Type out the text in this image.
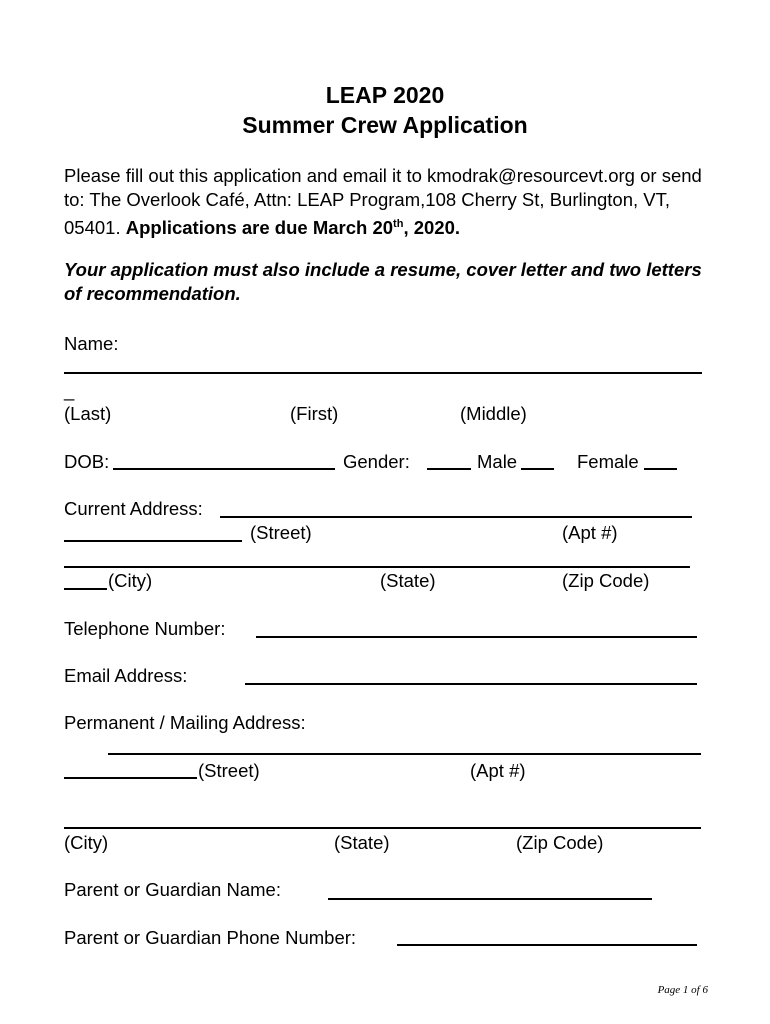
LEAP 2020
Summer Crew Application

Please fill out this application and email it to kmodrak@resourcevt.org or send to: The Overlook Café, Attn: LEAP Program,108 Cherry St, Burlington, VT, 05401. Applications are due March 20th, 2020.

Your application must also include a resume, cover letter and two letters of recommendation.

Name:
_
(Last)	(First)	(Middle)
DOB:	Gender:	Male	Female
Current Address:
(Street)	(Apt #)
(City)	(State)	(Zip Code)
Telephone Number:
Email Address:
Permanent / Mailing Address:
(Street)	(Apt #)
(City)	(State)	(Zip Code)
Parent or Guardian Name:
Parent or Guardian Phone Number:
Page 1 of 6
